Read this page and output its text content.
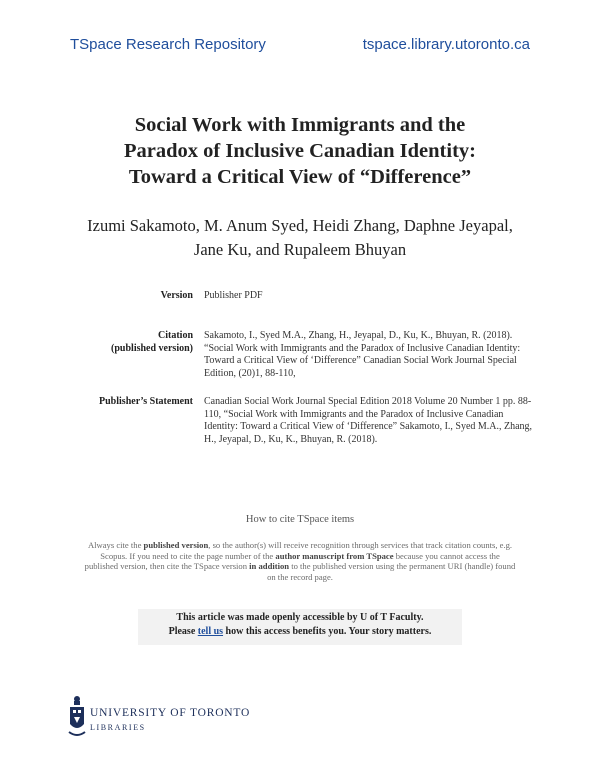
TSpace Research Repository	tspace.library.utoronto.ca
Social Work with Immigrants and the
Paradox of Inclusive Canadian Identity:
Toward a Critical View of “Difference”
Izumi Sakamoto, M. Anum Syed, Heidi Zhang, Daphne Jeyapal,
Jane Ku, and Rupaleem Bhuyan
Version Publisher PDF
Citation
(published version)
Sakamoto, I., Syed M.A., Zhang, H., Jeyapal, D., Ku, K., Bhuyan, R. (2018). “Social Work with Immigrants and the Paradox of Inclusive Canadian Identity: Toward a Critical View of ‘Difference” Canadian Social Work Journal Special Edition, (20)1, 88-110,
Publisher’s Statement Canadian Social Work Journal Special Edition 2018 Volume 20 Number 1 pp. 88-110, “Social Work with Immigrants and the Paradox of Inclusive Canadian Identity: Toward a Critical View of ‘Difference” Sakamoto, I., Syed M.A., Zhang, H., Jeyapal, D., Ku, K., Bhuyan, R. (2018).
How to cite TSpace items
Always cite the published version, so the author(s) will receive recognition through services that track citation counts, e.g. Scopus. If you need to cite the page number of the author manuscript from TSpace because you cannot access the published version, then cite the TSpace version in addition to the published version using the permanent URI (handle) found on the record page.
This article was made openly accessible by U of T Faculty.
Please tell us how this access benefits you. Your story matters.
UNIVERSITY OF TORONTO
LIBRARIES
